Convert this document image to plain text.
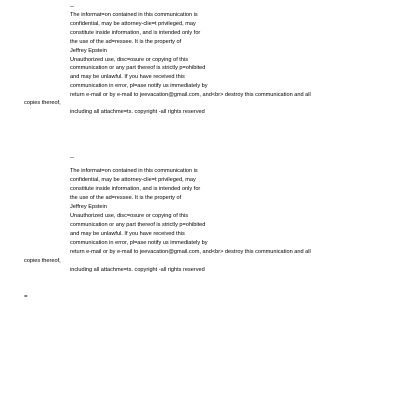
--
The informat=on contained in this communication is
confidential, may be attorney-clie=t privileged, may
constitute inside information, and is intended only for
the use of the ad=ressee. It is the property of
Jeffrey Epstein
Unauthorized use, disc=osure or copying of this
communication or any part thereof is strictly p=ohibited
and may be unlawful. If you have received this
communication in error, pl=ase notify us immediately by
return e-mail or by e-mail to jeevacation@gmail.com, and<br> destroy this communication and all
copies thereof,
including all attachme=ts. copyright -all rights reserved
--
The informat=on contained in this communication is
confidential, may be attorney-clie=t privileged, may
constitute inside information, and is intended only for
the use of the ad=ressee. It is the property of
Jeffrey Epstein
Unauthorized use, disc=osure or copying of this
communication or any part thereof is strictly p=ohibited
and may be unlawful. If you have received this
communication in error, pl=ase notify us immediately by
return e-mail or by e-mail to jeevacation@gmail.com, and<br> destroy this communication and all
copies thereof,
including all attachme=ts. copyright -all rights reserved
=
